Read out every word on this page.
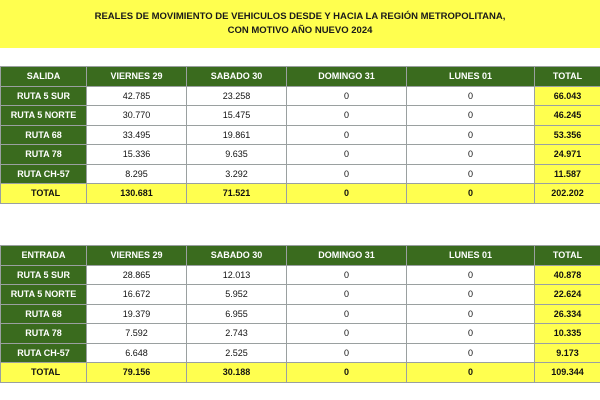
REALES DE MOVIMIENTO DE VEHICULOS DESDE Y HACIA LA REGIÓN METROPOLITANA,
CON MOTIVO AÑO NUEVO 2024
SALIDA	VIERNES 29	SABADO 30	DOMINGO 31	LUNES 01	TOTAL
RUTA 5 SUR	42.785	23.258	0	0	66.043
RUTA 5 NORTE	30.770	15.475	0	0	46.245
RUTA 68	33.495	19.861	0	0	53.356
RUTA 78	15.336	9.635	0	0	24.971
RUTA CH-57	8.295	3.292	0	0	11.587
TOTAL	130.681	71.521	0	0	202.202
ENTRADA	VIERNES 29	SABADO 30	DOMINGO 31	LUNES 01	TOTAL
RUTA 5 SUR	28.865	12.013	0	0	40.878
RUTA 5 NORTE	16.672	5.952	0	0	22.624
RUTA 68	19.379	6.955	0	0	26.334
RUTA 78	7.592	2.743	0	0	10.335
RUTA CH-57	6.648	2.525	0	0	9.173
TOTAL	79.156	30.188	0	0	109.344
